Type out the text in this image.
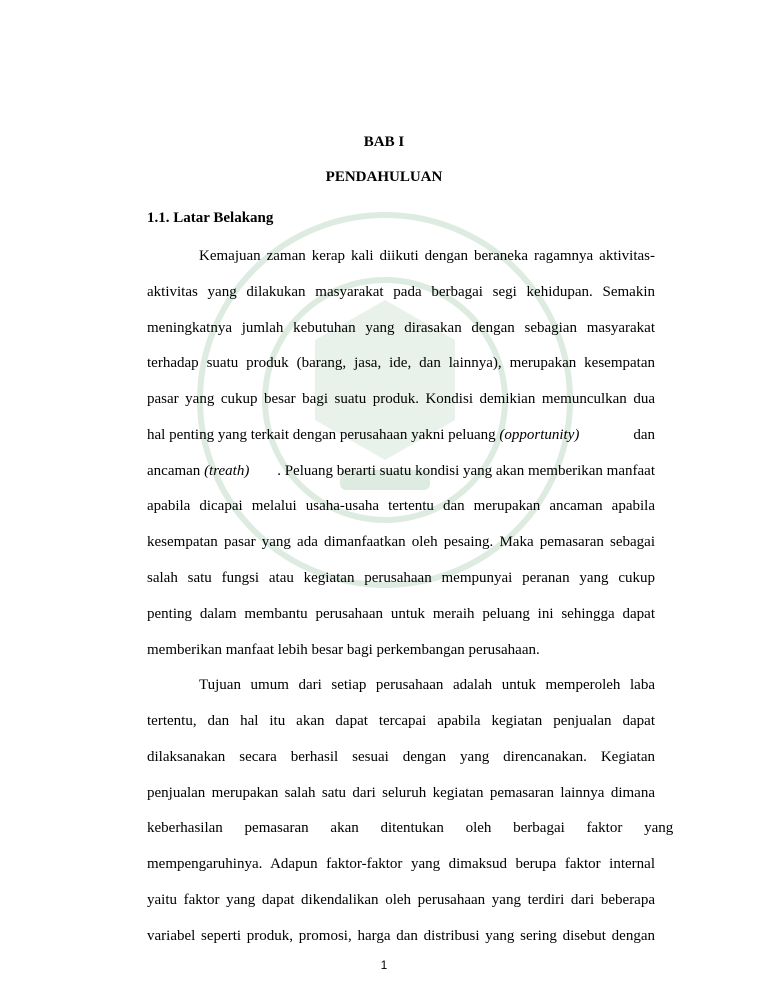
BAB I
PENDAHULUAN
1.1. Latar Belakang
Kemajuan zaman kerap kali diikuti dengan beraneka ragamnya aktivitas-
aktivitas yang dilakukan masyarakat pada berbagai segi kehidupan. Semakin
meningkatnya jumlah kebutuhan yang dirasakan dengan sebagian masyarakat
terhadap suatu produk (barang, jasa, ide, dan lainnya), merupakan kesempatan
pasar yang cukup besar bagi suatu produk. Kondisi demikian memunculkan dua
hal penting yang terkait dengan perusahaan yakni peluang (opportunity)	dan
ancaman (treath) . Peluang berarti suatu kondisi yang akan memberikan manfaat
apabila dicapai melalui usaha-usaha tertentu dan merupakan ancaman apabila
kesempatan pasar yang ada dimanfaatkan oleh pesaing. Maka pemasaran sebagai
salah satu fungsi atau kegiatan perusahaan mempunyai peranan yang cukup
penting dalam membantu perusahaan untuk meraih peluang ini sehingga dapat
memberikan manfaat lebih besar bagi perkembangan perusahaan.
Tujuan umum dari setiap perusahaan adalah untuk memperoleh laba
tertentu, dan hal itu akan dapat tercapai apabila kegiatan penjualan dapat
dilaksanakan secara berhasil sesuai dengan yang direncanakan. Kegiatan
penjualan merupakan salah satu dari seluruh kegiatan pemasaran lainnya dimana
keberhasilan pemasaran akan ditentukan oleh berbagai faktor yang
mempengaruhinya. Adapun faktor-faktor yang dimaksud berupa faktor internal
yaitu faktor yang dapat dikendalikan oleh perusahaan yang terdiri dari beberapa
variabel seperti produk, promosi, harga dan distribusi yang sering disebut dengan
1
